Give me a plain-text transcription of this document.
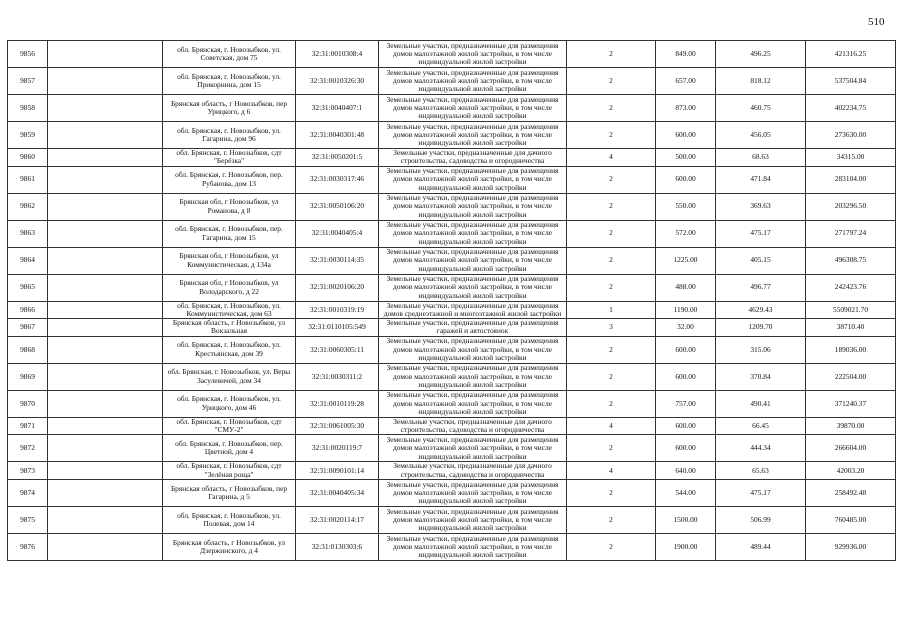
510
9856		обл. Брянская, г. Новозыбков, ул. Советская, дом 75	32:31:0010308:4	Земельные участки, предназначенные для размещения домов малоэтажной жилой застройки, в том числе индивидуальной жилой застройки	2	849.00	496.25	421316.25
9857		обл. Брянская, г. Новозыбков, ул. Прикорнина, дом 15	32:31:0010326:30	Земельные участки, предназначенные для размещения домов малоэтажной жилой застройки, в том числе индивидуальной жилой застройки	2	657.00	818.12	537504.84
9858		Брянская область, г Новозыбков, пер Урицкого, д 6	32:31:0040407:1	Земельные участки, предназначенные для размещения домов малоэтажной жилой застройки, в том числе индивидуальной жилой застройки	2	873.00	460.75	402234.75
9859		обл. Брянская, г. Новозыбков, ул. Гагарина, дом 96	32:31:0040301:48	Земельные участки, предназначенные для размещения домов малоэтажной жилой застройки, в том числе индивидуальной жилой застройки	2	600.00	456.05	273630.00
9860		обл. Брянская, г. Новозыбков, сдт "Берёзка"	32:31:0050201:5	Земельные участки, предназначенные для дачного строительства, садоводства и огородничества	4	500.00	68.63	34315.00
9861		обл. Брянская, г. Новозыбков, пер. Рубанова, дом 13	32:31:0030317:46	Земельные участки, предназначенные для размещения домов малоэтажной жилой застройки, в том числе индивидуальной жилой застройки	2	600.00	471.84	283104.00
9862		Брянская обл, г Новозыбков, ул Романова, д 8	32:31:0050106:20	Земельные участки, предназначенные для размещения домов малоэтажной жилой застройки, в том числе индивидуальной жилой застройки	2	550.00	369.63	203296.50
9863		обл. Брянская, г. Новозыбков, пер. Гагарина, дом 15	32:31:0040405:4	Земельные участки, предназначенные для размещения домов малоэтажной жилой застройки, в том числе индивидуальной жилой застройки	2	572.00	475.17	271797.24
9864		Брянская обл, г Новозыбков, ул Коммунистическая, д 134а	32:31:0030114:35	Земельные участки, предназначенные для размещения домов малоэтажной жилой застройки, в том числе индивидуальной жилой застройки	2	1225.00	405.15	496308.75
9865		Брянская обл, г Новозыбков, ул Володарского, д 22	32:31:0020106:20	Земельные участки, предназначенные для размещения домов малоэтажной жилой застройки, в том числе индивидуальной жилой застройки	2	488.00	496.77	242423.76
9866		обл. Брянская, г. Новозыбков, ул. Коммунистическая, дом 63	32:31:0010319:19	Земельные участки, предназначенные для размещения домов среднеэтажной и многоэтажной жилой застройки	1	1190.00	4629.43	5509021.70
9867		Брянская область, г Новозыбков, ул Вокзальная	32:31:0110105:549	Земельные участки, предназначенные для размещения гаражей и автостоянок	3	32.00	1209.70	38710.40
9868		обл. Брянская, г. Новозыбков, ул. Крестьянская, дом 39	32:31:0060305:11	Земельные участки, предназначенные для размещения домов малоэтажной жилой застройки, в том числе индивидуальной жилой застройки	2	600.00	315.06	189036.00
9869		обл. Брянская, г. Новозыбков, ул. Веры Засулевичей, дом 34	32:31:0030311:2	Земельные участки, предназначенные для размещения домов малоэтажной жилой застройки, в том числе индивидуальной жилой застройки	2	600.00	370.84	222504.00
9870		обл. Брянская, г. Новозыбков, ул. Урицкого, дом 46	32:31:0010119:28	Земельные участки, предназначенные для размещения домов малоэтажной жилой застройки, в том числе индивидуальной жилой застройки	2	757.00	490.41	371240.37
9871		обл. Брянская, г. Новозыбков, сдт "СМУ-2"	32:31:0061005:30	Земельные участки, предназначенные для дачного строительства, садоводства и огородничества	4	600.00	66.45	39870.00
9872		обл. Брянская, г. Новозыбков, пер. Цветной, дом 4	32:31:0020119:7	Земельные участки, предназначенные для размещения домов малоэтажной жилой застройки, в том числе индивидуальной жилой застройки	2	600.00	444.34	266604.00
9873		обл. Брянская, г. Новозыбков, сдт "Зелёная роща"	32:31:0090101:14	Земельные участки, предназначенные для дачного строительства, садоводства и огородничества	4	640.00	65.63	42003.20
9874		Брянская область, г Новозыбков, пер Гагарина, д 5	32:31:0040405:34	Земельные участки, предназначенные для размещения домов малоэтажной жилой застройки, в том числе индивидуальной жилой застройки	2	544.00	475.17	258492.48
9875		обл. Брянская, г. Новозыбков, ул. Полевая, дом 14	32:31:0020114:17	Земельные участки, предназначенные для размещения домов малоэтажной жилой застройки, в том числе индивидуальной жилой застройки	2	1500.00	506.99	760485.00
9876		Брянская область, г Новозыбков, ул Дзержинского, д 4	32:31:0130303:6	Земельные участки, предназначенные для размещения домов малоэтажной жилой застройки, в том числе индивидуальной жилой застройки	2	1900.00	489.44	929936.00
